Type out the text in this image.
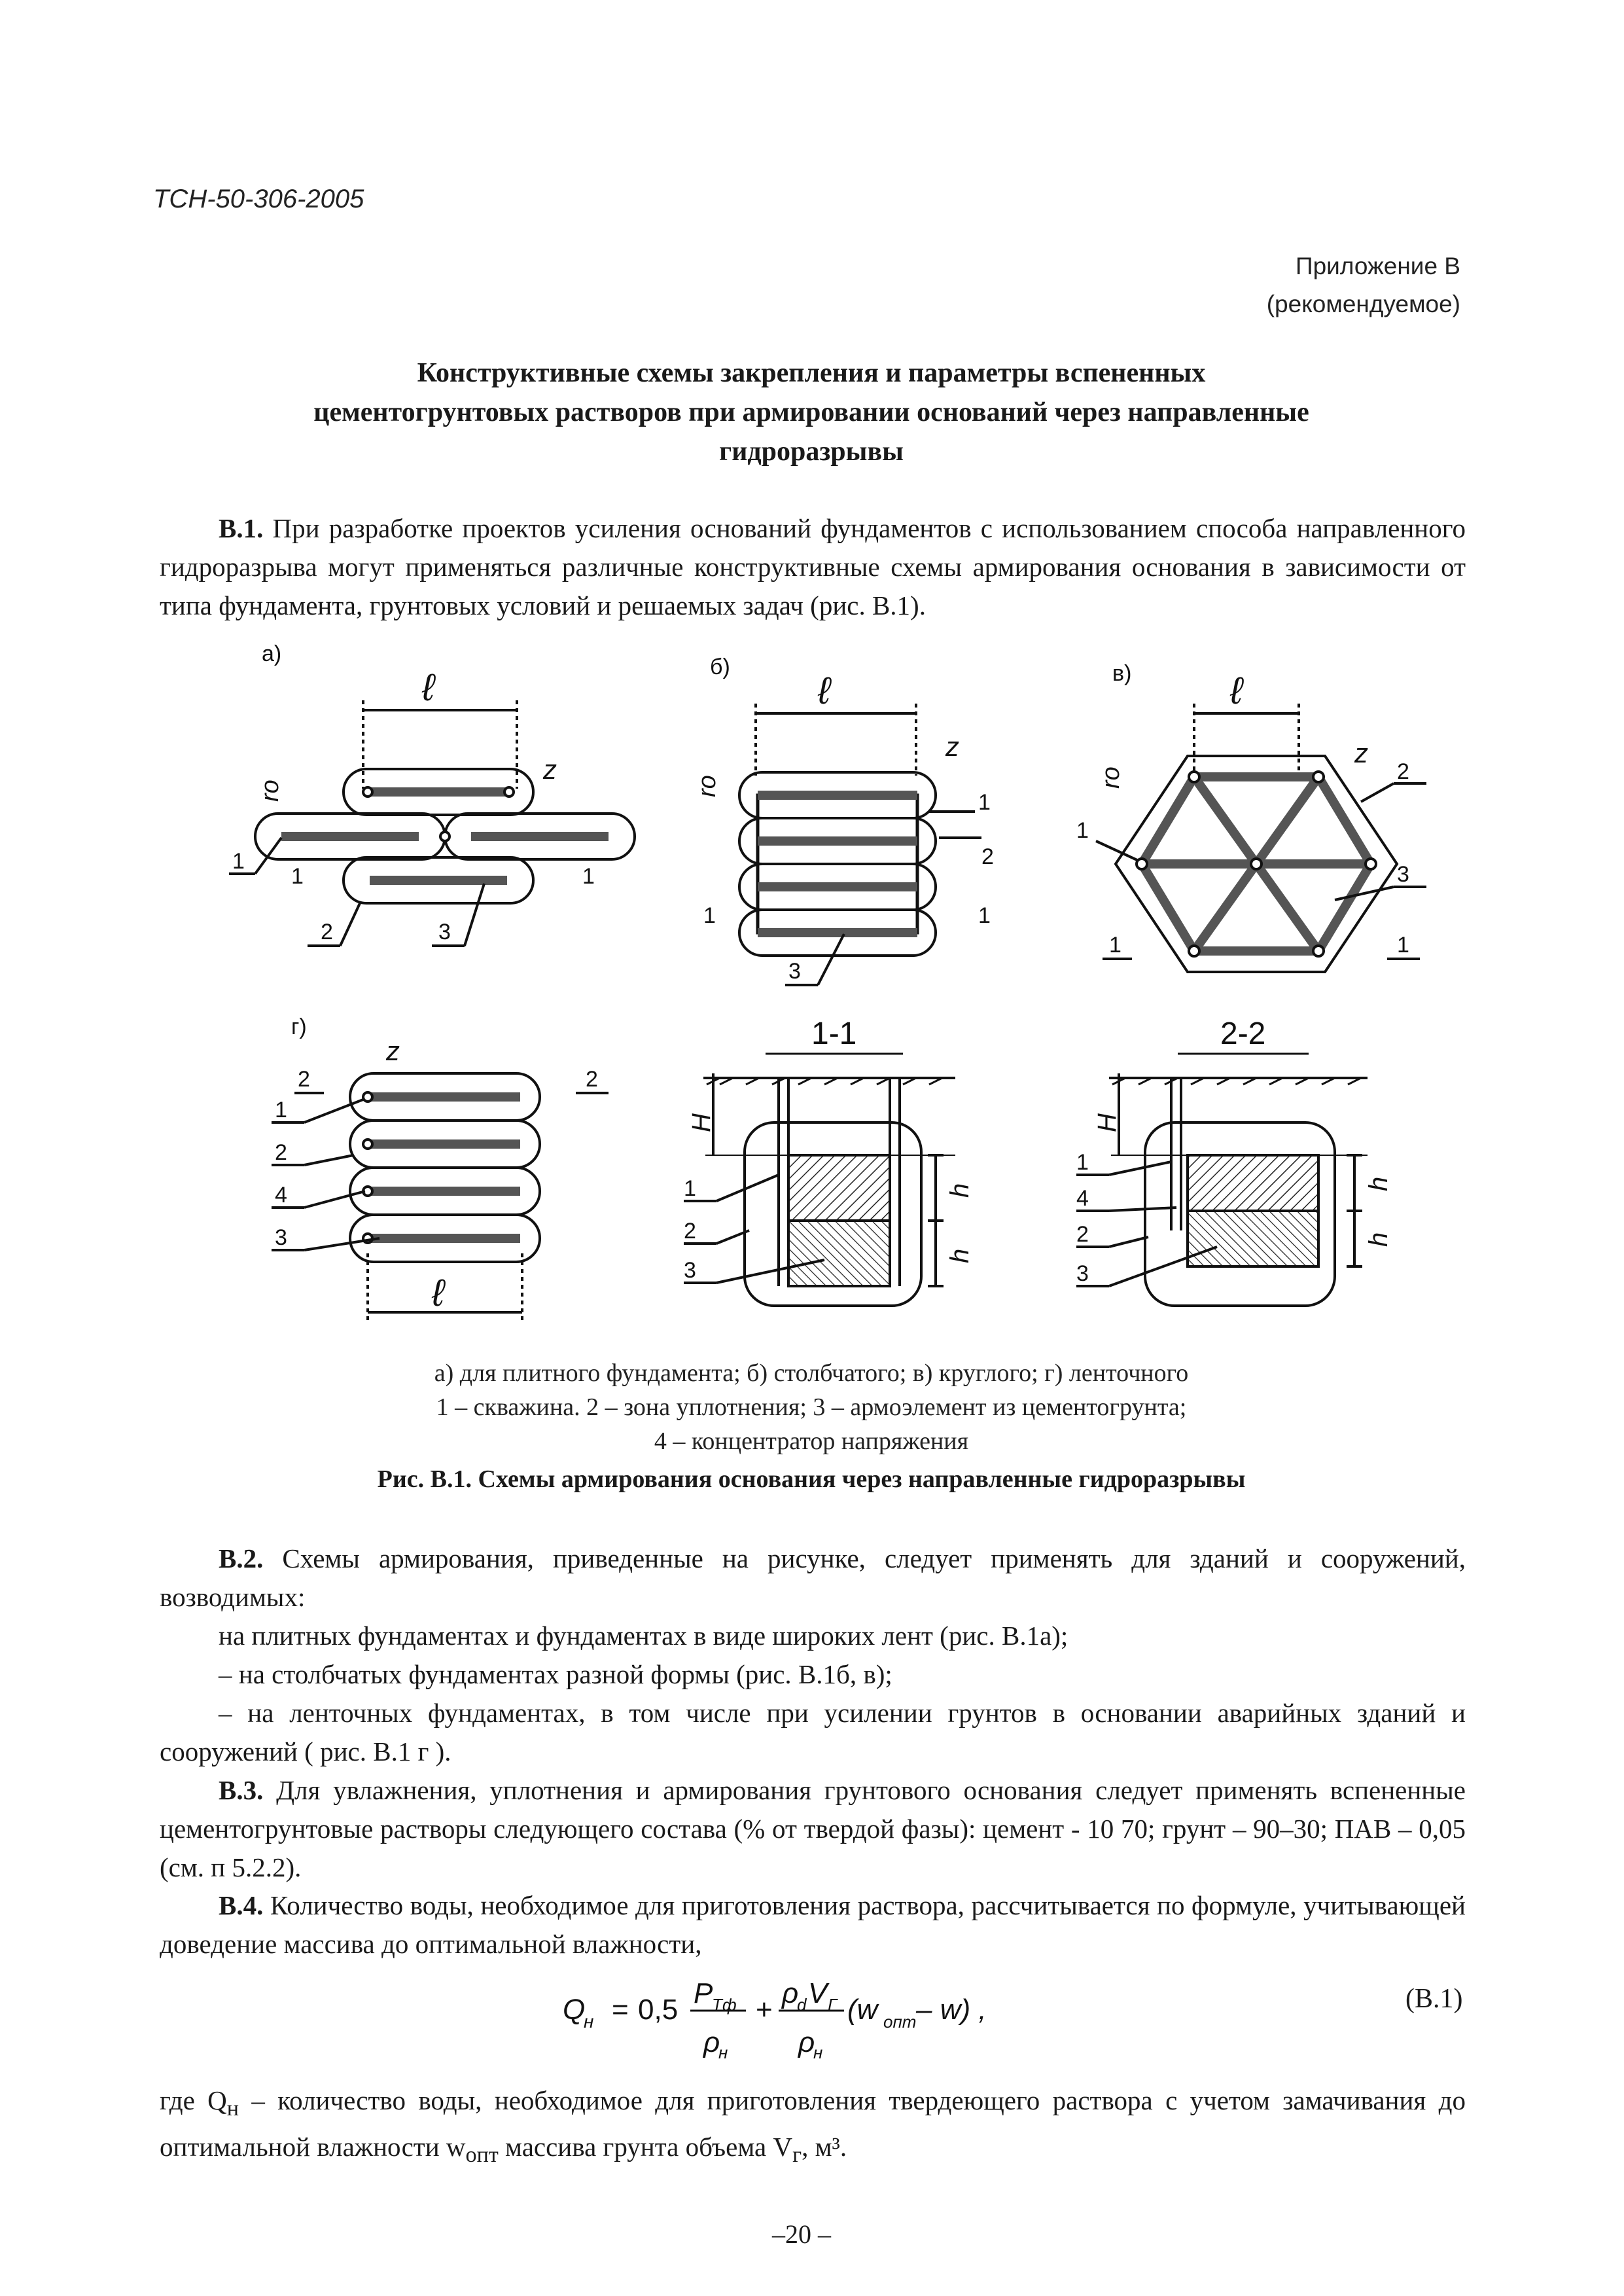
ТСН-50-306-2005
Приложение В
(рекомендуемое)
Конструктивные схемы закрепления и параметры вспененных
цементогрунтовых растворов при армировании оснований через направленные
гидроразрывы
В.1. При разработке проектов усиления оснований фундаментов с использованием способа направленного гидроразрыва могут применяться различные конструктивные схемы армирования основания в зависимости от типа фундамента, грунтовых условий и решаемых задач (рис. В.1).
а)
ℓ
z
ro
1
1	1
2	3
б)
ℓ
z
ro
1
2
1	1
3
в)	ℓ
z
ro	2
1
3
1	1
г)
z
2	2
1
2
4
3
ℓ
1-1
H
h
h
1
2
3
2-2
H
h
h
1
4
2
3
а) для плитного фундамента; б) столбчатого; в) круглого; г) ленточного
1 – скважина. 2 – зона уплотнения; 3 – армоэлемент из цементогрунта;
4 – концентратор напряжения
Рис. В.1. Схемы армирования основания через направленные гидроразрывы
В.2. Схемы армирования, приведенные на рисунке, следует применять для зданий и сооружений, возводимых:
на плитных фундаментах и фундаментах в виде широких лент (рис. В.1а);
– на столбчатых фундаментах разной формы (рис. В.1б, в);
– на ленточных фундаментах, в том числе при усилении грунтов в основании аварийных зданий и сооружений ( рис. В.1 г ).
В.3. Для увлажнения, уплотнения и армирования грунтового основания следует применять вспененные цементогрунтовые растворы следующего состава (% от твердой фазы): цемент - 10 70; грунт – 90–30; ПАВ – 0,05 (см. п 5.2.2).
В.4. Количество воды, необходимое для приготовления раствора, рассчитывается по формуле, учитывающей доведение массива до оптимальной влажности,
Q
н = 0,5
P
Тф
ρ
н
+
ρ
d V Г
ρ
н
(w опт – w) ,	(В.1)
где $Q_н$ – количество воды, необходимое для приготовления твердеющего раствора с учетом замачивания до оптимальной влажности $w_{опт}$ массива грунта объема $V_г$, м³.
–20 –
